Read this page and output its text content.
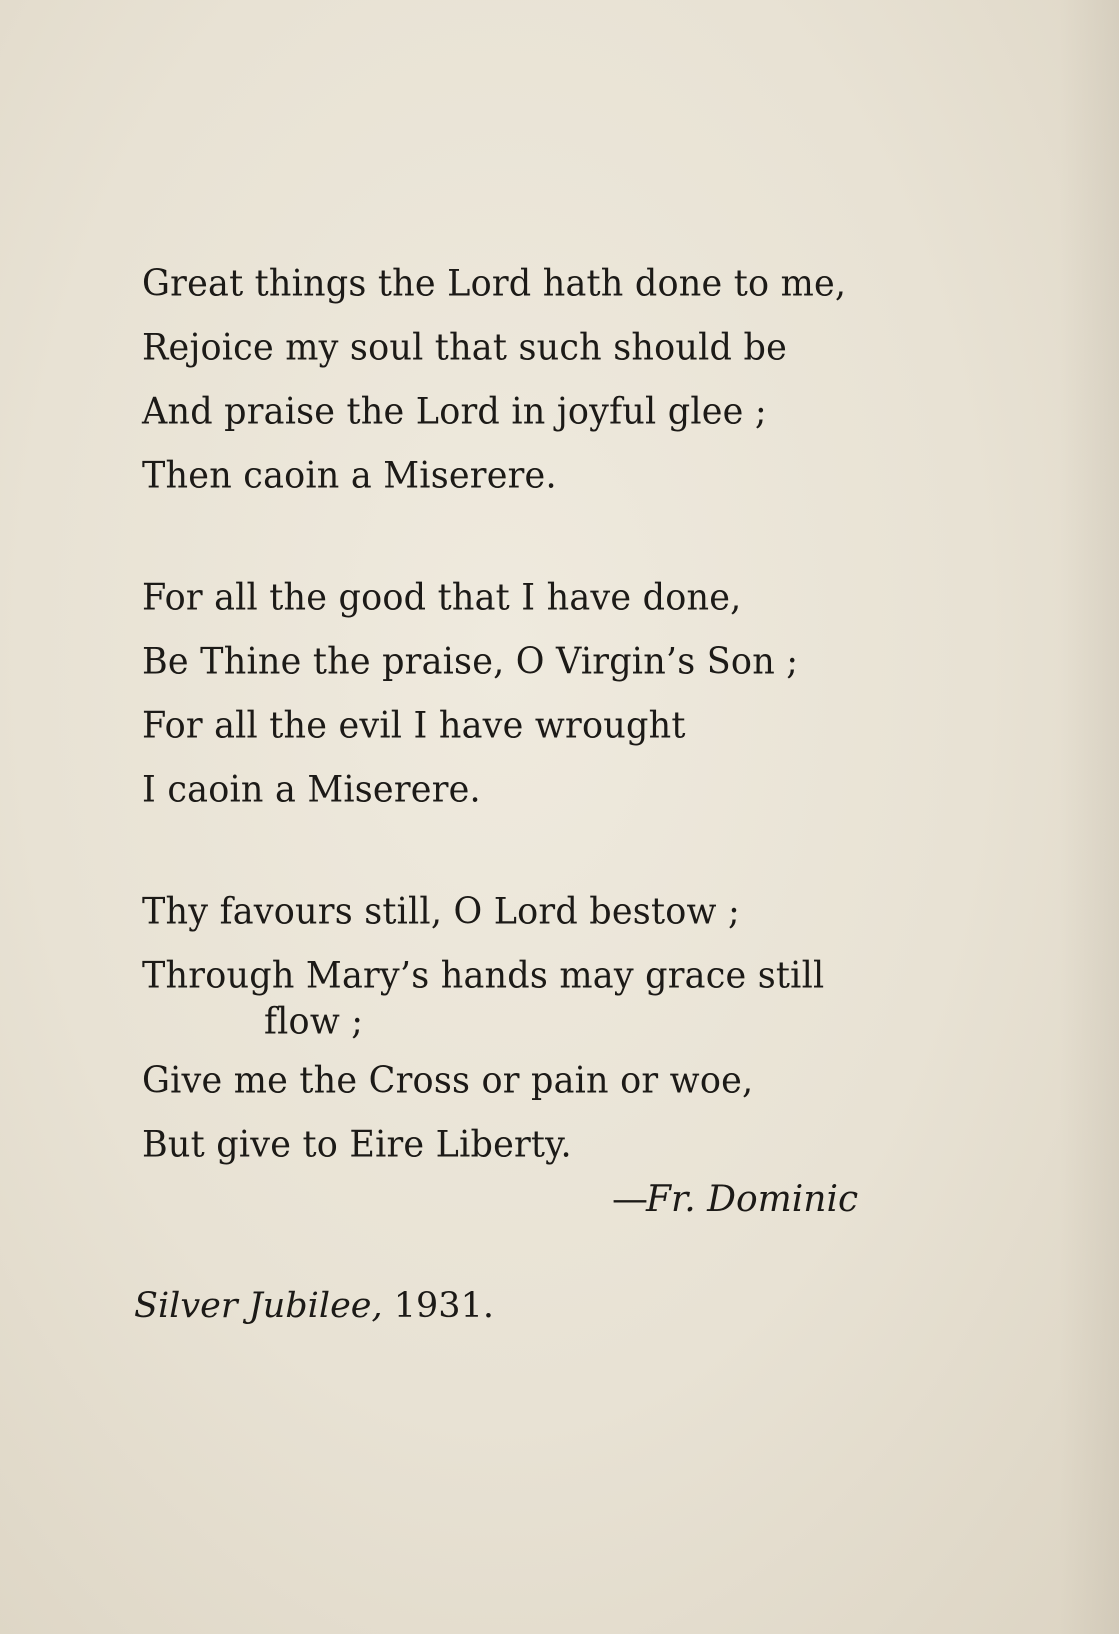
Great things the Lord hath done to me,
Rejoice my soul that such should be
And praise the Lord in joyful glee ;
Then caoin a Miserere.
For all the good that I have done,
Be Thine the praise, O Virgin’s Son ;
For all the evil I have wrought
I caoin a Miserere.
Thy favours still, O Lord bestow ;
Through Mary’s hands may grace still
flow ;
Give me the Cross or pain or woe,
But give to Eire Liberty.
—Fr. Dominic
Silver Jubilee, 1931.
